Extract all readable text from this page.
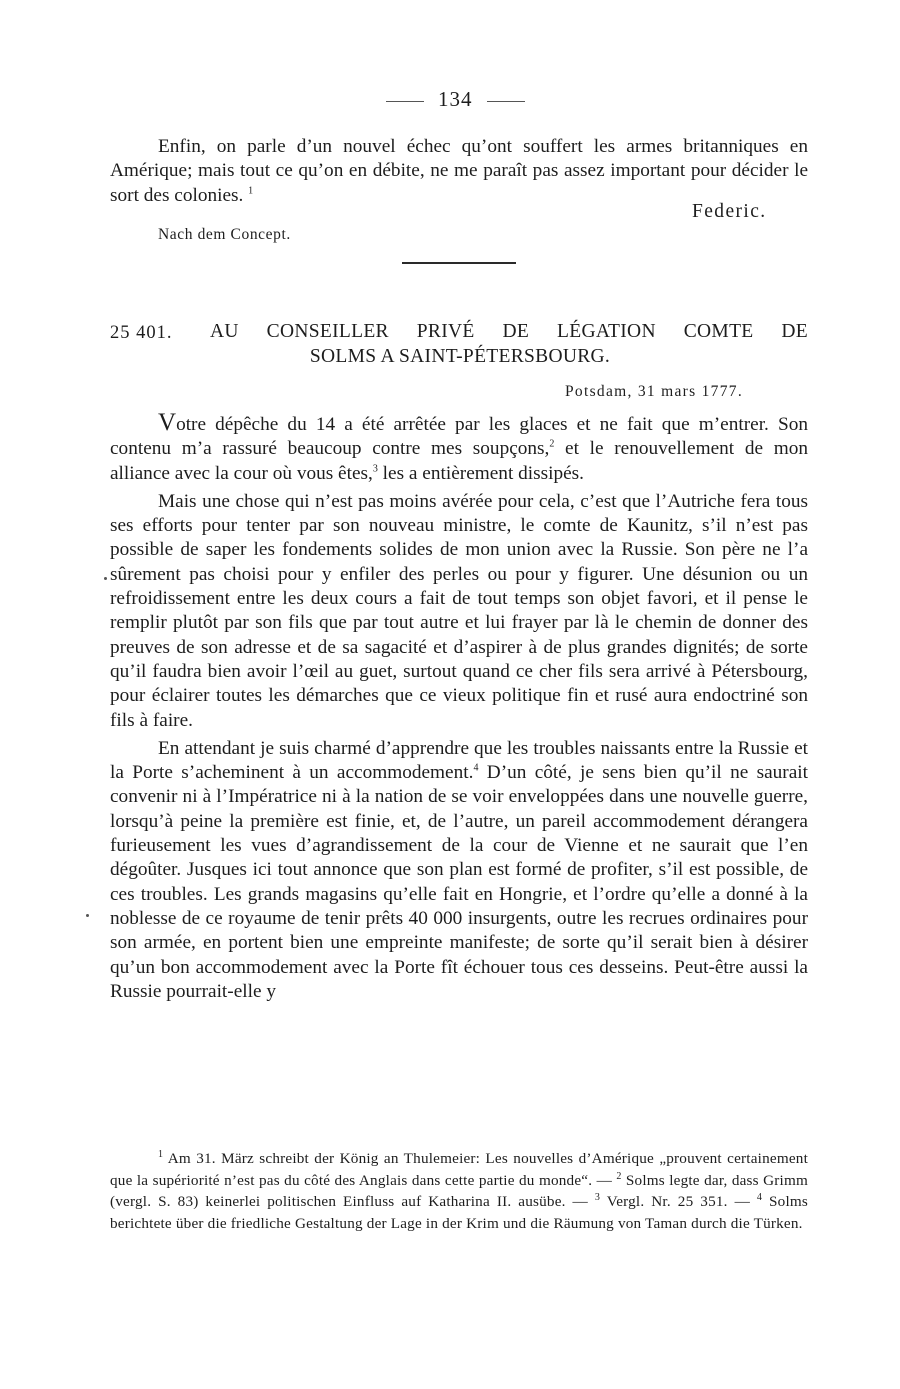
134
Enfin, on parle d’un nouvel échec qu’ont souffert les armes britanniques en Amérique; mais tout ce qu’on en débite, ne me paraît pas assez important pour décider le sort des colonies. $^1$
Federic.
Nach dem Concept.
25 401. AU CONSEILLER PRIVÉ DE LÉGATION COMTE DE
SOLMS A SAINT-PÉTERSBOURG.
Potsdam, 31 mars 1777.

Votre dépêche du 14 a été arrêtée par les glaces et ne fait que m’entrer. Son contenu m’a rassuré beaucoup contre mes soupçons,$^2$ et le renouvellement de mon alliance avec la cour où vous êtes,$^3$ les a entièrement dissipés.

Mais une chose qui n’est pas moins avérée pour cela, c’est que l’Autriche fera tous ses efforts pour tenter par son nouveau ministre, le comte de Kaunitz, s’il n’est pas possible de saper les fondements solides de mon union avec la Russie. Son père ne l’a sûrement pas choisi pour y enfiler des perles ou pour y figurer. Une désunion ou un refroidissement entre les deux cours a fait de tout temps son objet favori, et il pense le remplir plutôt par son fils que par tout autre et lui frayer par là le chemin de donner des preuves de son adresse et de sa sagacité et d’aspirer à de plus grandes dignités; de sorte qu’il faudra bien avoir l’œil au guet, surtout quand ce cher fils sera arrivé à Pétersbourg, pour éclairer toutes les démarches que ce vieux politique fin et rusé aura endoctriné son fils à faire.

En attendant je suis charmé d’apprendre que les troubles naissants entre la Russie et la Porte s’acheminent à un accommodement.$^4$ D’un côté, je sens bien qu’il ne saurait convenir ni à l’Impératrice ni à la nation de se voir enveloppées dans une nouvelle guerre, lorsqu’à peine la première est finie, et, de l’autre, un pareil accommodement dérangera furieusement les vues d’agrandissement de la cour de Vienne et ne saurait que l’en dégoûter. Jusques ici tout annonce que son plan est formé de profiter, s’il est possible, de ces troubles. Les grands magasins qu’elle fait en Hongrie, et l’ordre qu’elle a donné à la noblesse de ce royaume de tenir prêts 40 000 insurgents, outre les recrues ordinaires pour son armée, en portent bien une empreinte manifeste; de sorte qu’il serait bien à désirer qu’un bon accommodement avec la Porte fît échouer tous ces desseins. Peut-être aussi la Russie pourrait-elle y

$^1$ Am 31. März schreibt der König an Thulemeier: Les nouvelles d’Amérique „prouvent certainement que la supériorité n’est pas du côté des Anglais dans cette partie du monde“. — $^2$ Solms legte dar, dass Grimm (vergl. S. 83) keinerlei politischen Einfluss auf Katharina II. ausübe. — $^3$ Vergl. Nr. 25 351. — $^4$ Solms berichtete über die friedliche Gestaltung der Lage in der Krim und die Räumung von Taman durch die Türken.
